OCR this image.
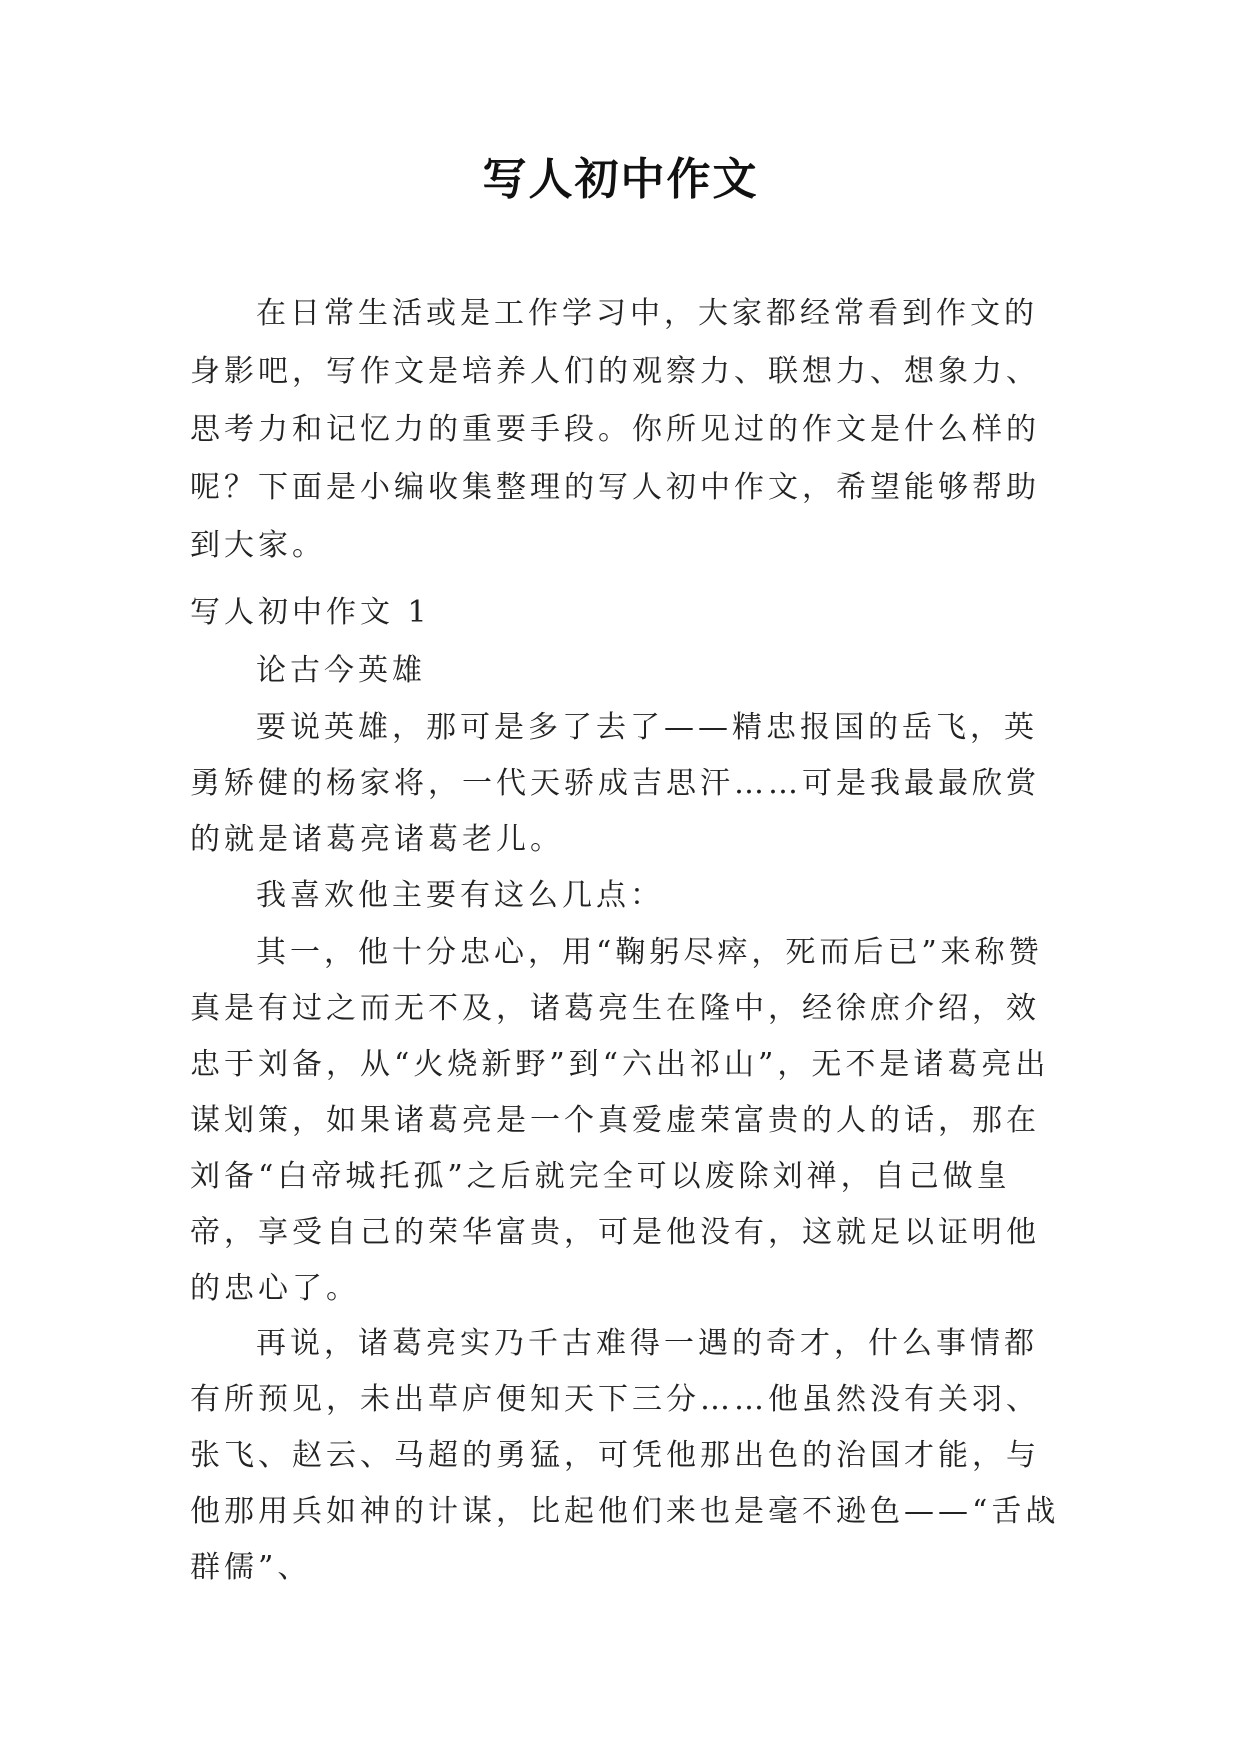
写人初中作文

在日常生活或是工作学习中，大家都经常看到作文的身影吧，写作文是培养人们的观察力、联想力、想象力、思考力和记忆力的重要手段。你所见过的作文是什么样的呢？下面是小编收集整理的写人初中作文，希望能够帮助到大家。

写人初中作文 1

论古今英雄

要说英雄，那可是多了去了——精忠报国的岳飞，英勇矫健的杨家将，一代天骄成吉思汗……可是我最最欣赏的就是诸葛亮诸葛老儿。

我喜欢他主要有这么几点：

其一，他十分忠心，用“鞠躬尽瘁，死而后已”来称赞真是有过之而无不及，诸葛亮生在隆中，经徐庶介绍，效忠于刘备，从“火烧新野”到“六出祁山”，无不是诸葛亮出谋划策，如果诸葛亮是一个真爱虚荣富贵的人的话，那在刘备“白帝城托孤”之后就完全可以废除刘禅，自己做皇帝，享受自己的荣华富贵，可是他没有，这就足以证明他的忠心了。

再说，诸葛亮实乃千古难得一遇的奇才，什么事情都有所预见，未出草庐便知天下三分……他虽然没有关羽、张飞、赵云、马超的勇猛，可凭他那出色的治国才能，与他那用兵如神的计谋，比起他们来也是毫不逊色——“舌战群儒”、
